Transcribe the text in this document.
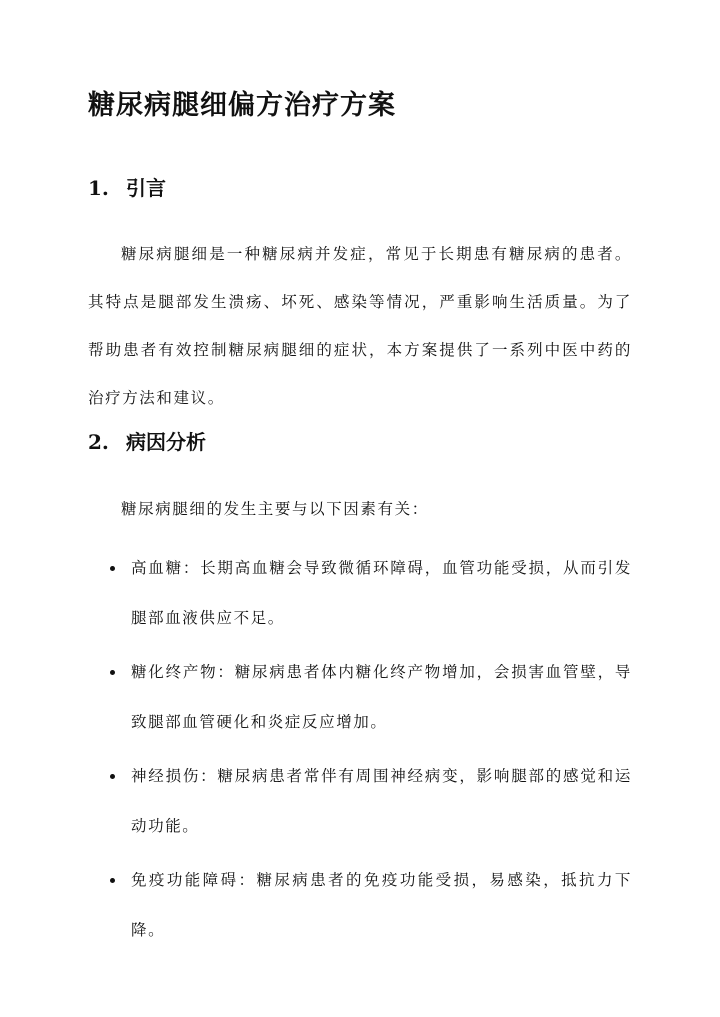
糖尿病腿细偏方治疗方案
1. 引言

糖尿病腿细是一种糖尿病并发症，常见于长期患有糖尿病的患者。其特点是腿部发生溃疡、坏死、感染等情况，严重影响生活质量。为了帮助患者有效控制糖尿病腿细的症状，本方案提供了一系列中医中药的治疗方法和建议。

2. 病因分析

糖尿病腿细的发生主要与以下因素有关：

高血糖：长期高血糖会导致微循环障碍，血管功能受损，从而引发腿部血液供应不足。
糖化终产物：糖尿病患者体内糖化终产物增加，会损害血管壁，导致腿部血管硬化和炎症反应增加。
神经损伤：糖尿病患者常伴有周围神经病变，影响腿部的感觉和运动功能。
免疫功能障碍：糖尿病患者的免疫功能受损，易感染，抵抗力下降。
